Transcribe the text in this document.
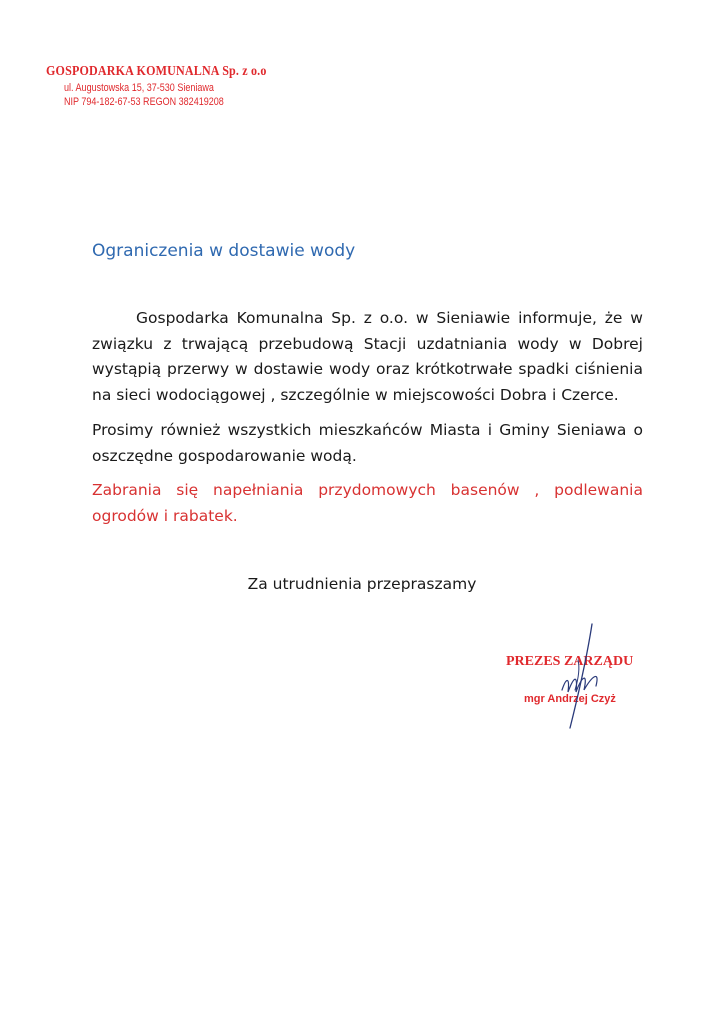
GOSPODARKA KOMUNALNA Sp. z o.o
ul. Augustowska 15, 37-530 Sieniawa
NIP 794-182-67-53 REGON 382419208
Ograniczenia w dostawie wody
Gospodarka Komunalna Sp. z o.o. w Sieniawie informuje, że w związku z trwającą przebudową Stacji uzdatniania wody w Dobrej wystąpią przerwy w dostawie wody oraz krótkotrwałe spadki ciśnienia na sieci wodociągowej , szczególnie w miejscowości Dobra i Czerce.
Prosimy również wszystkich mieszkańców Miasta i Gminy Sieniawa o oszczędne gospodarowanie wodą.
Zabrania się napełniania przydomowych basenów , podlewania ogrodów i rabatek.
Za utrudnienia przepraszamy
PREZES ZARZĄDU
mgr Andrzej Czyż
